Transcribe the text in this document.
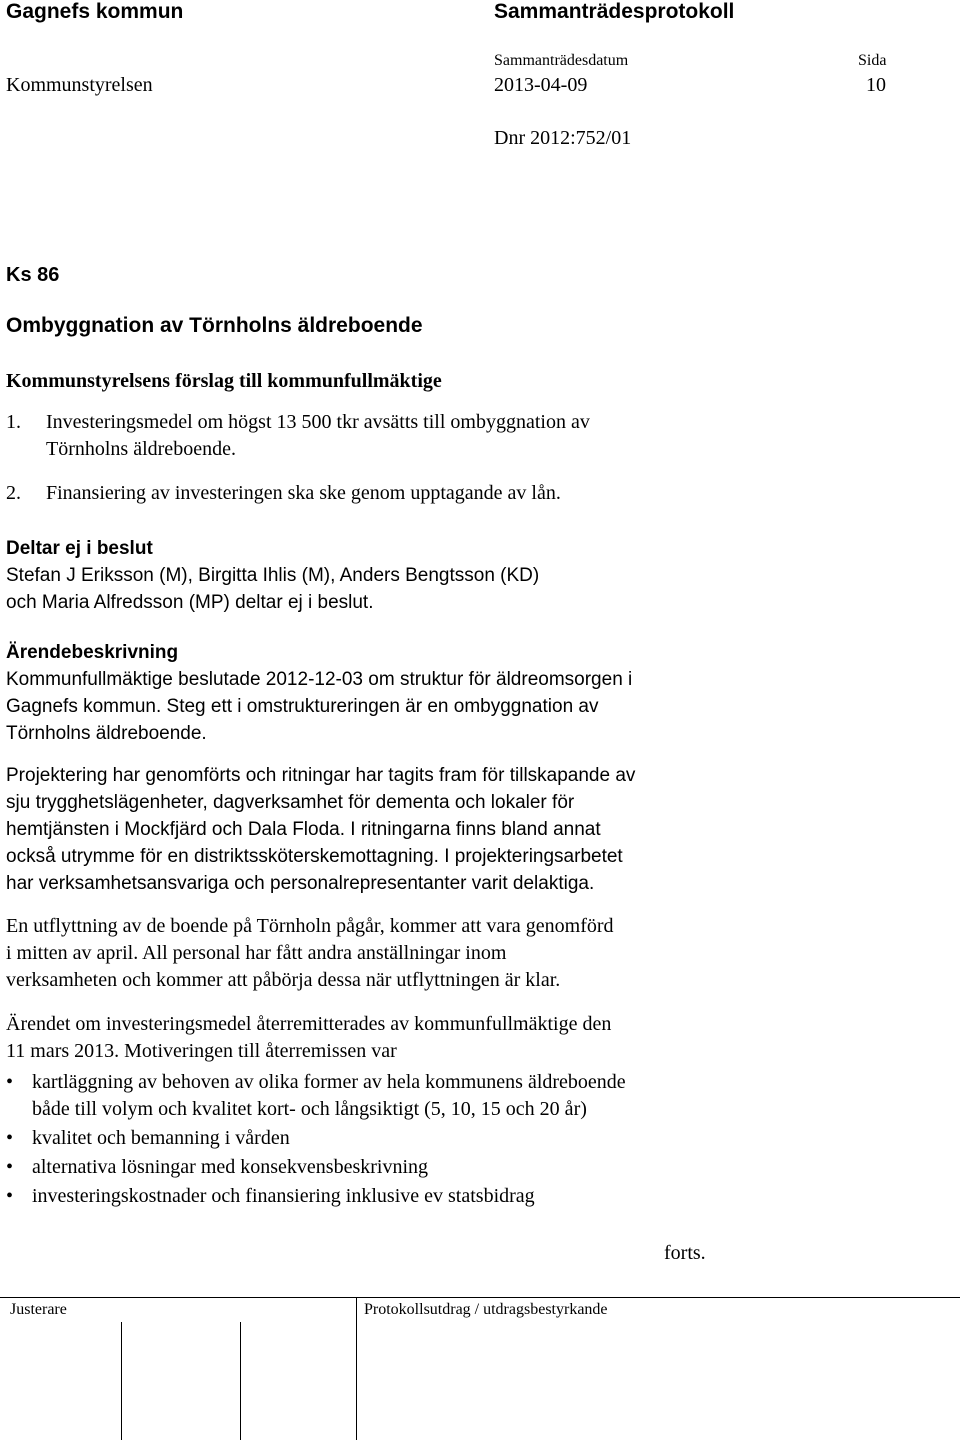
Gagnefs kommun	Sammanträdesprotokoll
Sammanträdesdatum	Sida
Kommunstyrelsen	2013-04-09	10
Dnr 2012:752/01
Ks 86
Ombyggnation av Törnholns äldreboende
Kommunstyrelsens förslag till kommunfullmäktige
1. Investeringsmedel om högst 13 500 tkr avsätts till ombyggnation av
Törnholns äldreboende.
2. Finansiering av investeringen ska ske genom upptagande av lån.
Deltar ej i beslut
Stefan J Eriksson (M), Birgitta Ihlis (M), Anders Bengtsson (KD)
och Maria Alfredsson (MP) deltar ej i beslut.
Ärendebeskrivning
Kommunfullmäktige beslutade 2012-12-03 om struktur för äldreomsorgen i
Gagnefs kommun. Steg ett i omstruktureringen är en ombyggnation av
Törnholns äldreboende.
Projektering har genomförts och ritningar har tagits fram för tillskapande av
sju trygghetslägenheter, dagverksamhet för dementa och lokaler för
hemtjänsten i Mockfjärd och Dala Floda. I ritningarna finns bland annat
också utrymme för en distriktssköterskemottagning. I projekteringsarbetet
har verksamhetsansvariga och personalrepresentanter varit delaktiga.
En utflyttning av de boende på Törnholn pågår, kommer att vara genomförd
i mitten av april. All personal har fått andra anställningar inom
verksamheten och kommer att påbörja dessa när utflyttningen är klar.
Ärendet om investeringsmedel återremitterades av kommunfullmäktige den
11 mars 2013. Motiveringen till återremissen var
• kartläggning av behoven av olika former av hela kommunens äldreboende
både till volym och kvalitet kort- och långsiktigt (5, 10, 15 och 20 år)
• kvalitet och bemanning i vården
• alternativa lösningar med konsekvensbeskrivning
• investeringskostnader och finansiering inklusive ev statsbidrag
forts.
Justerare	Protokollsutdrag / utdragsbestyrkande
